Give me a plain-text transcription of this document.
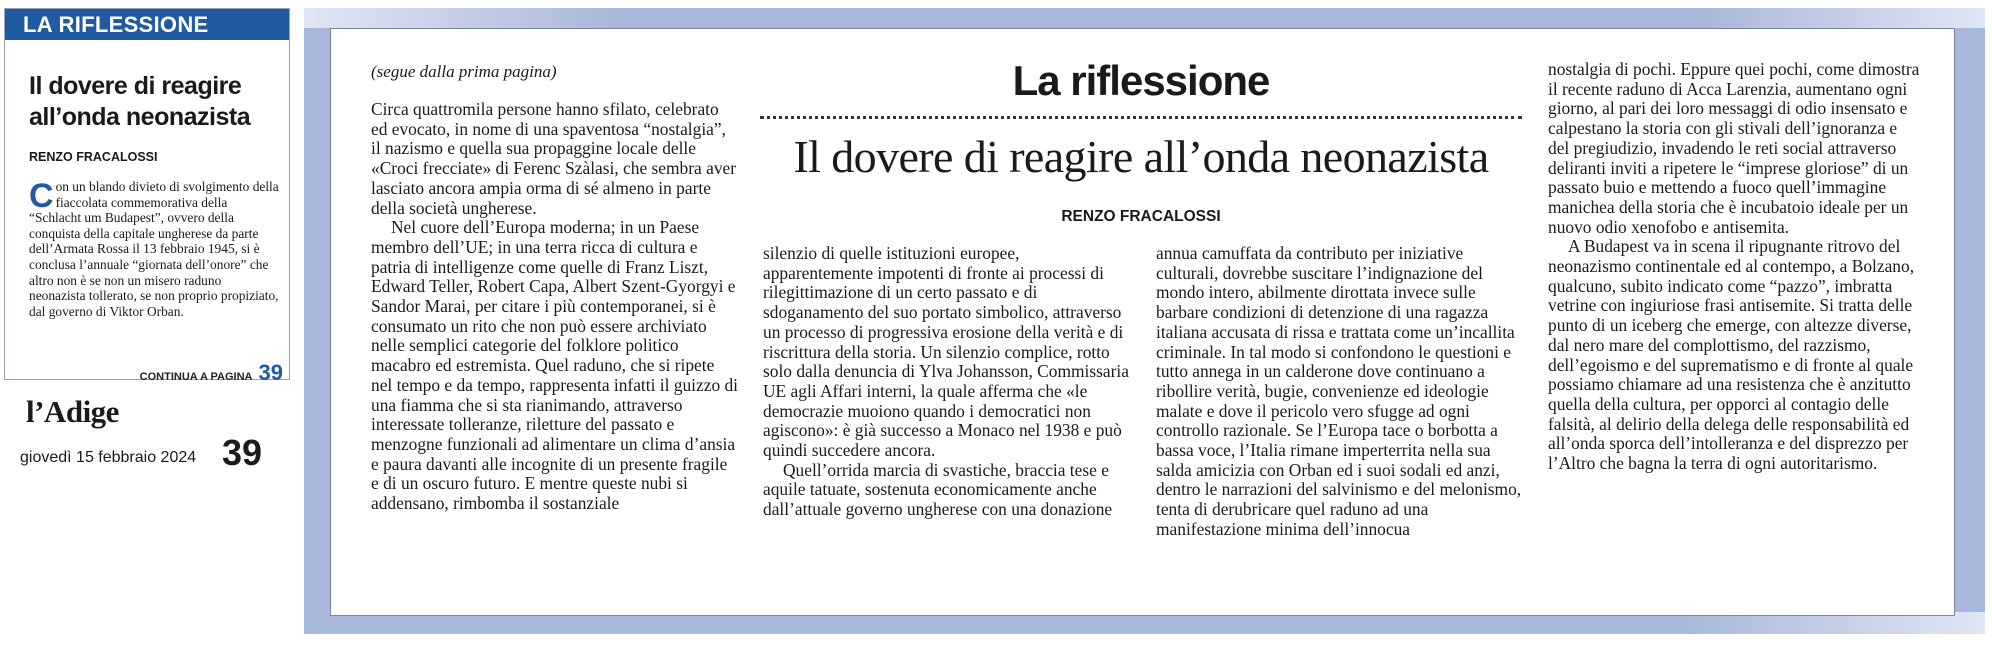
LA RIFLESSIONE
Il dovere di reagire all’onda neonazista
RENZO FRACALOSSI

Con un blando divieto di svolgimento della fiaccolata commemorativa della “Schlacht um Budapest”, ovvero della conquista della capitale ungherese da parte dell’Armata Rossa il 13 febbraio 1945, si è conclusa l’annuale “giornata dell’onore” che altro non è se non un misero raduno neonazista tollerato, se non proprio propiziato, dal governo di Viktor Orban.

CONTINUA A PAGINA 39
l’Adige
giovedì 15 febbraio 2024 39
(segue dalla prima pagina)

Circa quattromila persone hanno sfilato, celebrato ed evocato, in nome di una spaventosa “nostalgia”, il nazismo e quella sua propaggine locale delle «Croci frecciate» di Ferenc Szàlasi, che sembra aver lasciato ancora ampia orma di sé almeno in parte della società ungherese.

Nel cuore dell’Europa moderna; in un Paese membro dell’UE; in una terra ricca di cultura e patria di intelligenze come quelle di Franz Liszt, Edward Teller, Robert Capa, Albert Szent-Gyorgyi e Sandor Marai, per citare i più contemporanei, si è consumato un rito che non può essere archiviato nelle semplici categorie del folklore politico macabro ed estremista. Quel raduno, che si ripete nel tempo e da tempo, rappresenta infatti il guizzo di una fiamma che si sta rianimando, attraverso interessate tolleranze, riletture del passato e menzogne funzionali ad alimentare un clima d’ansia e paura davanti alle incognite di un presente fragile e di un oscuro futuro. E mentre queste nubi si addensano, rimbomba il sostanziale

La riflessione
Il dovere di reagire all’onda neonazista
RENZO FRACALOSSI

silenzio di quelle istituzioni europee, apparentemente impotenti di fronte ai processi di rilegittimazione di un certo passato e di sdoganamento del suo portato simbolico, attraverso un processo di progressiva erosione della verità e di riscrittura della storia. Un silenzio complice, rotto solo dalla denuncia di Ylva Johansson, Commissaria UE agli Affari interni, la quale afferma che «le democrazie muoiono quando i democratici non agiscono»: è già successo a Monaco nel 1938 e può quindi succedere ancora.

Quell’orrida marcia di svastiche, braccia tese e aquile tatuate, sostenuta economicamente anche dall’attuale governo ungherese con una donazione

annua camuffata da contributo per iniziative culturali, dovrebbe suscitare l’indignazione del mondo intero, abilmente dirottata invece sulle barbare condizioni di detenzione di una ragazza italiana accusata di rissa e trattata come un’incallita criminale. In tal modo si confondono le questioni e tutto annega in un calderone dove continuano a ribollire verità, bugie, convenienze ed ideologie malate e dove il pericolo vero sfugge ad ogni controllo razionale. Se l’Europa tace o borbotta a bassa voce, l’Italia rimane imperterrita nella sua salda amicizia con Orban ed i suoi sodali ed anzi, dentro le narrazioni del salvinismo e del melonismo, tenta di derubricare quel raduno ad una manifestazione minima dell’innocua

nostalgia di pochi. Eppure quei pochi, come dimostra il recente raduno di Acca Larenzia, aumentano ogni giorno, al pari dei loro messaggi di odio insensato e calpestano la storia con gli stivali dell’ignoranza e del pregiudizio, invadendo le reti social attraverso deliranti inviti a ripetere le “imprese gloriose” di un passato buio e mettendo a fuoco quell’immagine manichea della storia che è incubatoio ideale per un nuovo odio xenofobo e antisemita.

A Budapest va in scena il ripugnante ritrovo del neonazismo continentale ed al contempo, a Bolzano, qualcuno, subito indicato come “pazzo”, imbratta vetrine con ingiuriose frasi antisemite. Si tratta delle punto di un iceberg che emerge, con altezze diverse, dal nero mare del complottismo, del razzismo, dell’egoismo e del suprematismo e di fronte al quale possiamo chiamare ad una resistenza che è anzitutto quella della cultura, per opporci al contagio delle falsità, al delirio della delega delle responsabilità ed all’onda sporca dell’intolleranza e del disprezzo per l’Altro che bagna la terra di ogni autoritarismo.
